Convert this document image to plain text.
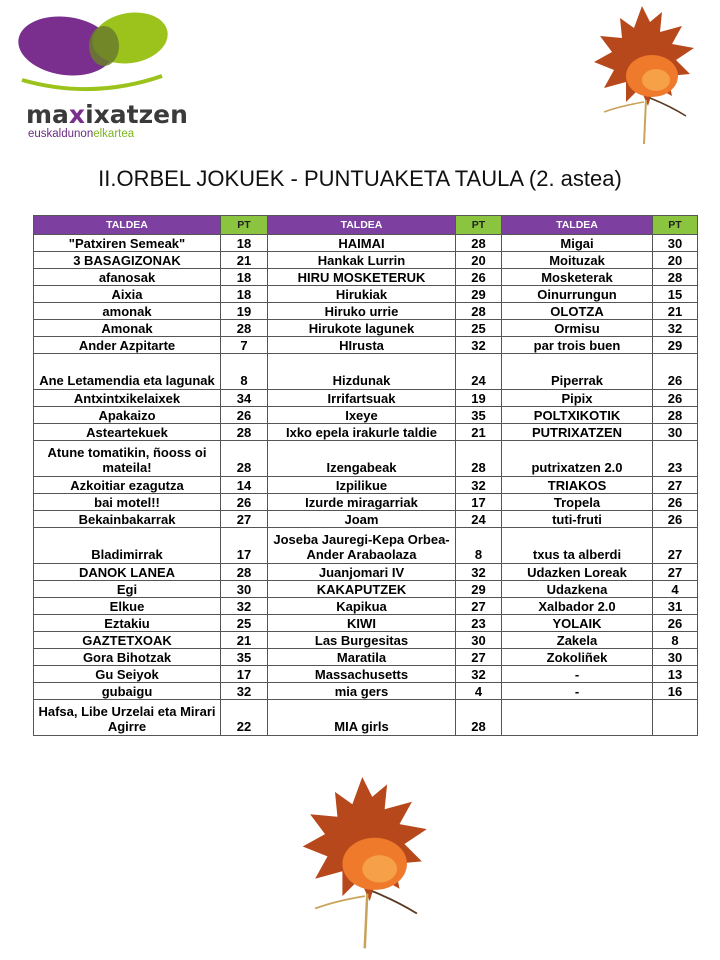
maxixatzen
euskaldunonelkartea
II.ORBEL JOKUEK - PUNTUAKETA TAULA (2. astea)
TALDEA	PT	TALDEA	PT	TALDEA	PT
"Patxiren Semeak"	18	HAIMAI	28	Migai	30
3 BASAGIZONAK	21	Hankak Lurrin	20	Moituzak	20
afanosak	18	HIRU MOSKETERUK	26	Mosketerak	28
Aixia	18	Hirukiak	29	Oinurrungun	15
amonak	19	Hiruko urrie	28	OLOTZA	21
Amonak	28	Hirukote lagunek	25	Ormisu	32
Ander Azpitarte	7	HIrusta	32	par trois buen	29
Ane Letamendia eta lagunak	8	Hizdunak	24	Piperrak	26
Antxintxikelaixek	34	Irrifartsuak	19	Pipix	26
Apakaizo	26	Ixeye	35	POLTXIKOTIK	28
Asteartekuek	28	Ixko epela irakurle taldie	21	PUTRIXATZEN	30
Atune tomatikin, ñooss oi mateila!	28	Izengabeak	28	putrixatzen 2.0	23
Azkoitiar ezagutza	14	Izpilikue	32	TRIAKOS	27
bai motel!!	26	Izurde miragarriak	17	Tropela	26
Bekainbakarrak	27	Joam	24	tuti-fruti	26
Bladimirrak	17	Joseba Jauregi-Kepa Orbea-Ander Arabaolaza	8	txus ta alberdi	27
DANOK LANEA	28	Juanjomari IV	32	Udazken Loreak	27
Egi	30	KAKAPUTZEK	29	Udazkena	4
Elkue	32	Kapikua	27	Xalbador 2.0	31
Eztakiu	25	KIWI	23	YOLAIK	26
GAZTETXOAK	21	Las Burgesitas	30	Zakela	8
Gora Bihotzak	35	Maratila	27	Zokoliñek	30
Gu Seiyok	17	Massachusetts	32	-	13
gubaigu	32	mia gers	4	-	16
Hafsa, Libe Urzelai eta Mirari Agirre	22	MIA girls	28		
